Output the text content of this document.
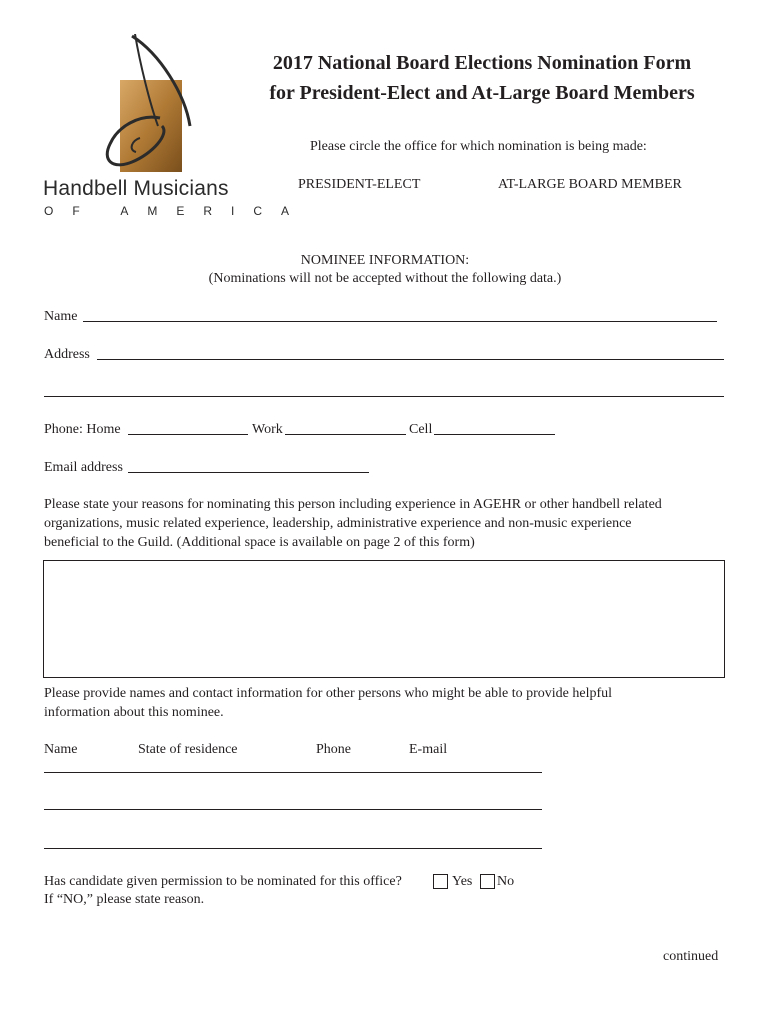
Handbell Musicians
OF AMERICA
2017 National Board Elections Nomination Form
for President-Elect and At-Large Board Members
Please circle the office for which nomination is being made:
PRESIDENT-ELECT	AT-LARGE BOARD MEMBER
NOMINEE INFORMATION:
(Nominations will not be accepted without the following data.)
Name
Address
Phone: Home	Work	Cell
Email address
Please state your reasons for nominating this person including experience in AGEHR or other handbell related
organizations, music related experience, leadership, administrative experience and non-music experience
beneficial to the Guild. (Additional space is available on page 2 of this form)
Please provide names and contact information for other persons who might be able to provide helpful
information about this nominee.
Name	State of residence	Phone	E-mail
Has candidate given permission to be nominated for this office?	Yes No
If “NO,” please state reason.
continued
